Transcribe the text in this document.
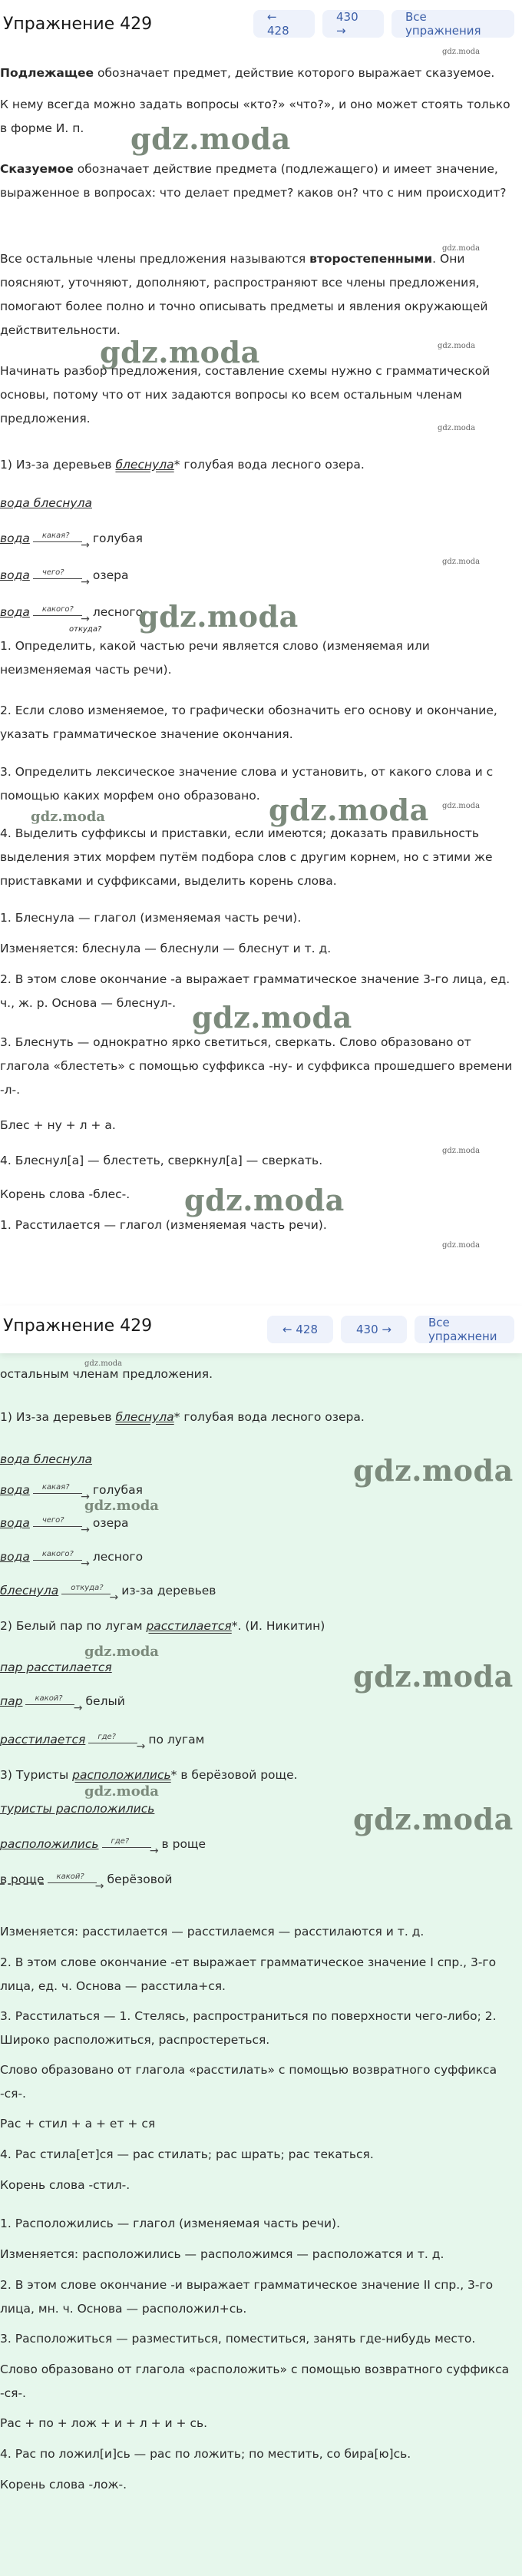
Упражнение 429	← 428
430 →
Все упражнения
gdz.moda
Подлежащее обозначает предмет, действие которого выражает сказуемое.
К нему всегда можно задать вопросы «кто?» «что?», и оно может стоять только в форме И. п.	gdz.moda
Сказуемое обозначает действие предмета (подлежащего) и имеет значение, выраженное в вопросах: что делает предмет? каков он? что с ним происходит?
gdz.moda
Все остальные члены предложения называются второстепенными. Они поясняют, уточняют, дополняют, распространяют все члены предложения, помогают более полно и точно описывать предметы и явления окружающей действительности.
gdz.moda	gdz.moda
Начинать разбор предложения, составление схемы нужно с грамматической основы, потому что от них задаются вопросы ко всем остальным членам предложения.
gdz.moda
1) Из-за деревьев блеснула* голубая вода лесного озера.
вода блеснула
вода какая?
→ голубая
gdz.moda
вода чего?
→ озера
вода какого?
→ лесного
gdz.moda
откуда?
1. Определить, какой частью речи является слово (изменяемая или неизменяемая часть речи).
2. Если слово изменяемое, то графически обозначить его основу и окончание, указать грамматическое значение окончания.
3. Определить лексическое значение слова и установить, от какого слова и с помощью каких морфем оно образовано. gdz.moda gdz.moda
gdz.moda
4. Выделить суффиксы и приставки, если имеются; доказать правильность выделения этих морфем путём подбора слов с другим корнем, но с этими же приставками и суффиксами, выделить корень слова.
1. Блеснула — глагол (изменяемая часть речи).
Изменяется: блеснула — блеснули — блеснут и т. д.
2. В этом слове окончание -а выражает грамматическое значение 3-го лица, ед. ч., ж. р. Основа — блеснул-. gdz.moda
3. Блеснуть — однократно ярко светиться, сверкать. Слово образовано от глагола «блестеть» с помощью суффикса -ну- и суффикса прошедшего времени -л-.
Блес + ну + л + а.
gdz.moda
4. Блеснул[а] — блестеть, сверкнул[а] — сверкать.
gdz.moda
Корень слова -блес-.
1. Расстилается — глагол (изменяемая часть речи).
gdz.moda
Упражнение 429	← 428	430 →	Все упражнени
gdz.moda
остальным членам предложения.
1) Из-за деревьев блеснула* голубая вода лесного озера.
вода блеснула	gdz.moda
вода какая?
→ голубая
gdz.moda
вода чего?
→ озера
вода какого?
→ лесного
блеснула откуда?
→ из-за деревьев
2) Белый пар по лугам расстилается*. (И. Никитин)
gdz.moda
пар расстилается	gdz.moda
пар какой?
→ белый
расстилается где?
→	по лугам
3) Туристы расположились* в берёзовой роще.
gdz.moda
туристы расположились	gdz.moda
расположились где?
→	в роще
в роще какой?
→ берёзовой
Изменяется: расстилается — расстилаемся — расстилаются и т. д.
2. В этом слове окончание -ет выражает грамматическое значение I спр., 3-го лица, ед. ч. Основа — расстила+ся.
3. Расстилаться — 1. Стелясь, распространиться по поверхности чего-либо; 2. Широко расположиться, распростереться.
Слово образовано от глагола «расстилать» с помощью возвратного суффикса -ся-.
Рас + стил + а + ет + ся
4. Рас стила[ет]ся — рас стилать; рас шрать; рас текаться.
Корень слова -стил-.
1. Расположились — глагол (изменяемая часть речи).
Изменяется: расположились — расположимся — расположатся и т. д.
2. В этом слове окончание -и выражает грамматическое значение II спр., 3-го лица, мн. ч. Основа — расположил+сь.
3. Расположиться — разместиться, поместиться, занять где-нибудь место.
Слово образовано от глагола «расположить» с помощью возвратного суффикса -ся-.
Рас + по + лож + и + л + и + сь.
4. Рас по ложил[и]сь — рас по ложить; по местить, со бира[ю]сь.
Корень слова -лож-.
